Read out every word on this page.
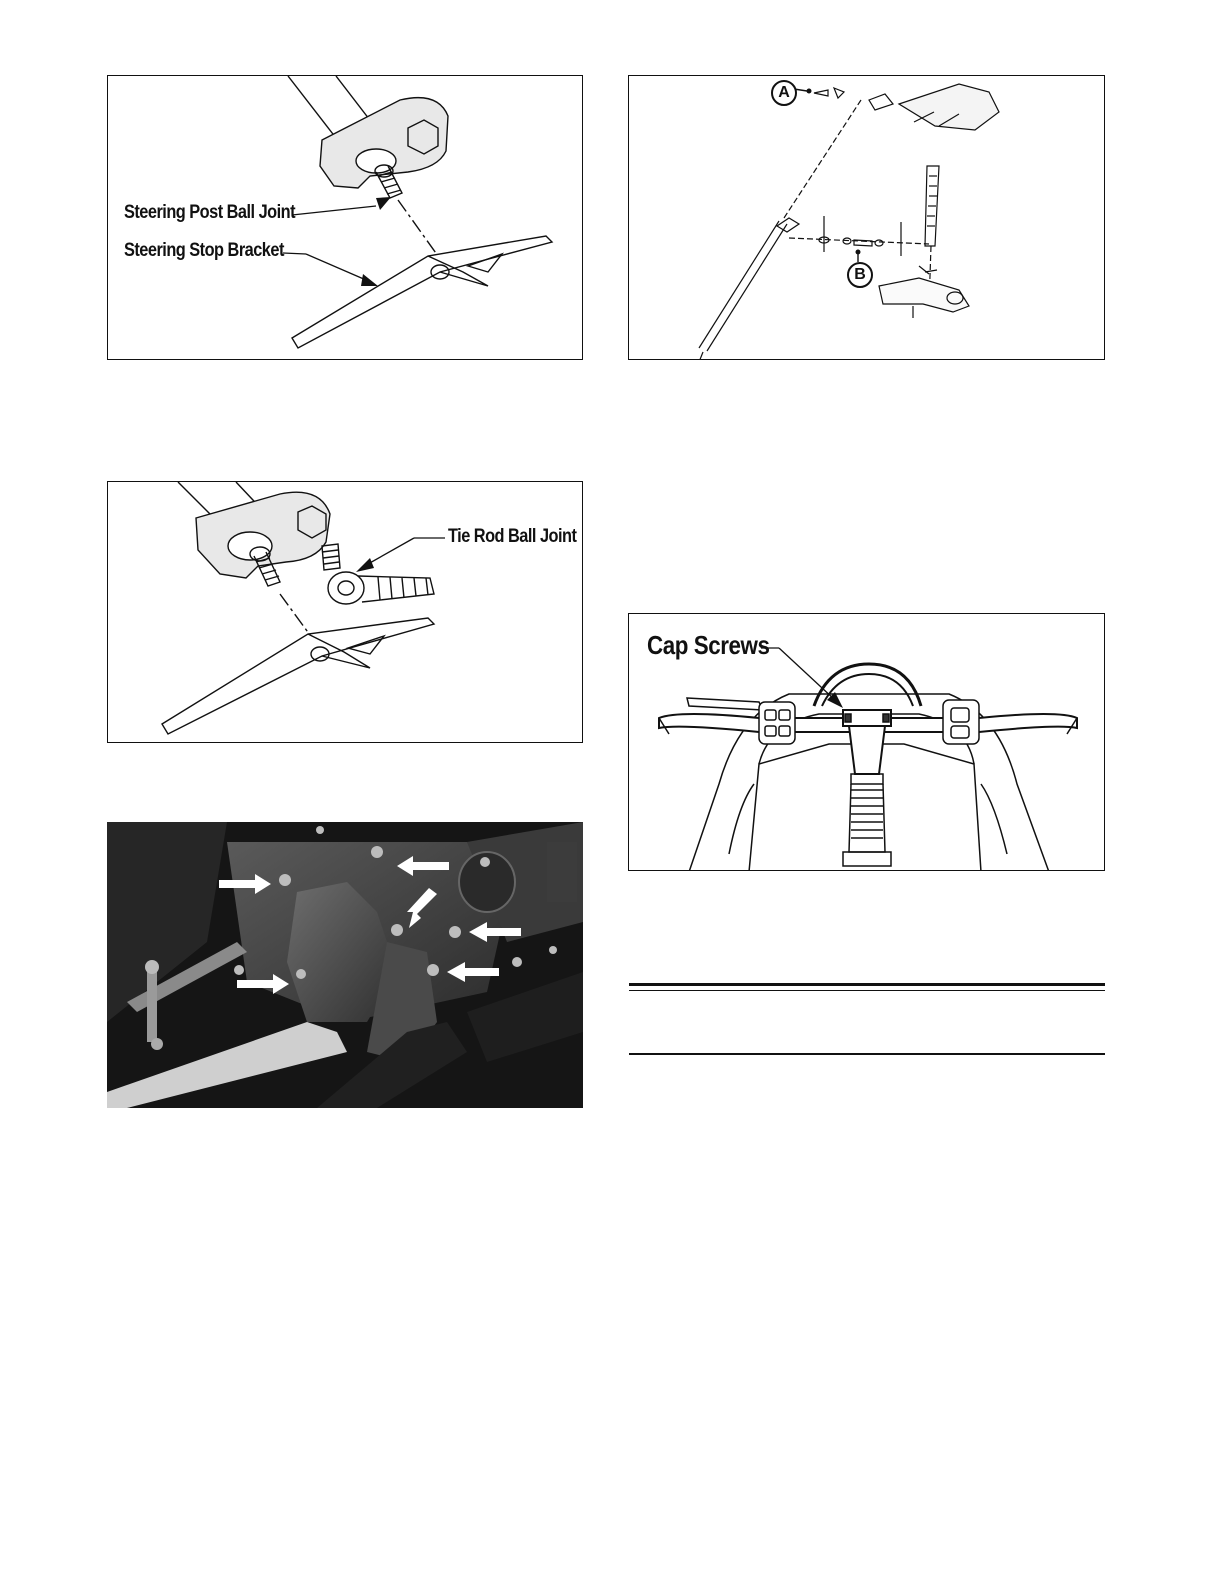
Steering Post Ball Joint
Steering Stop Bracket
A
B
Tie Rod Ball Joint
Cap Screws
